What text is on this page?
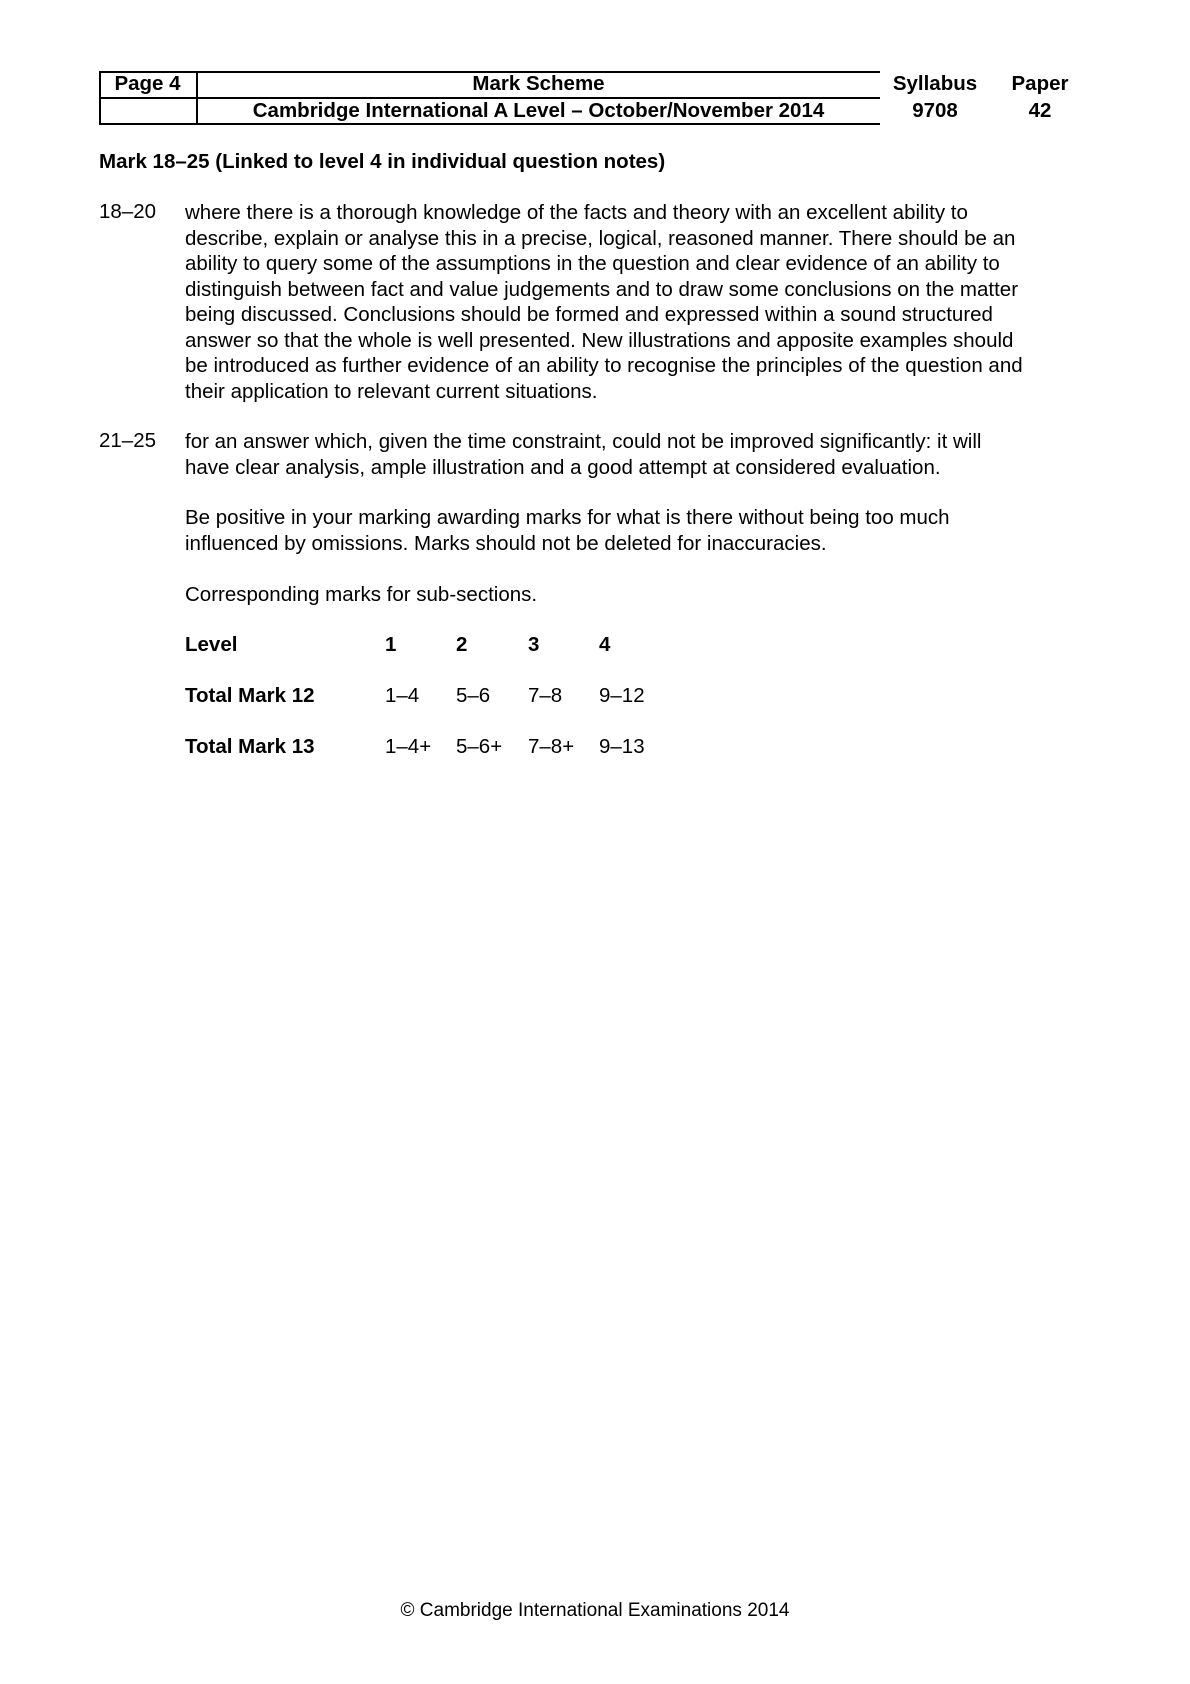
Page 4	Mark Scheme
Cambridge International A Level – October/November 2014
Syllabus
9708
Paper
42
Mark 18–25 (Linked to level 4 in individual question notes)
18–20 where there is a thorough knowledge of the facts and theory with an excellent ability to
describe, explain or analyse this in a precise, logical, reasoned manner. There should be an
ability to query some of the assumptions in the question and clear evidence of an ability to
distinguish between fact and value judgements and to draw some conclusions on the matter
being discussed. Conclusions should be formed and expressed within a sound structured
answer so that the whole is well presented. New illustrations and apposite examples should
be introduced as further evidence of an ability to recognise the principles of the question and
their application to relevant current situations.
21–25 for an answer which, given the time constraint, could not be improved significantly: it will
have clear analysis, ample illustration and a good attempt at considered evaluation.
Be positive in your marking awarding marks for what is there without being too much
influenced by omissions. Marks should not be deleted for inaccuracies.
Corresponding marks for sub-sections.
Level	1	2	3	4
Total Mark 12	1–4 5–6 7–8 9–12
Total Mark 13	1–4+ 5–6+ 7–8+ 9–13
© Cambridge International Examinations 2014
